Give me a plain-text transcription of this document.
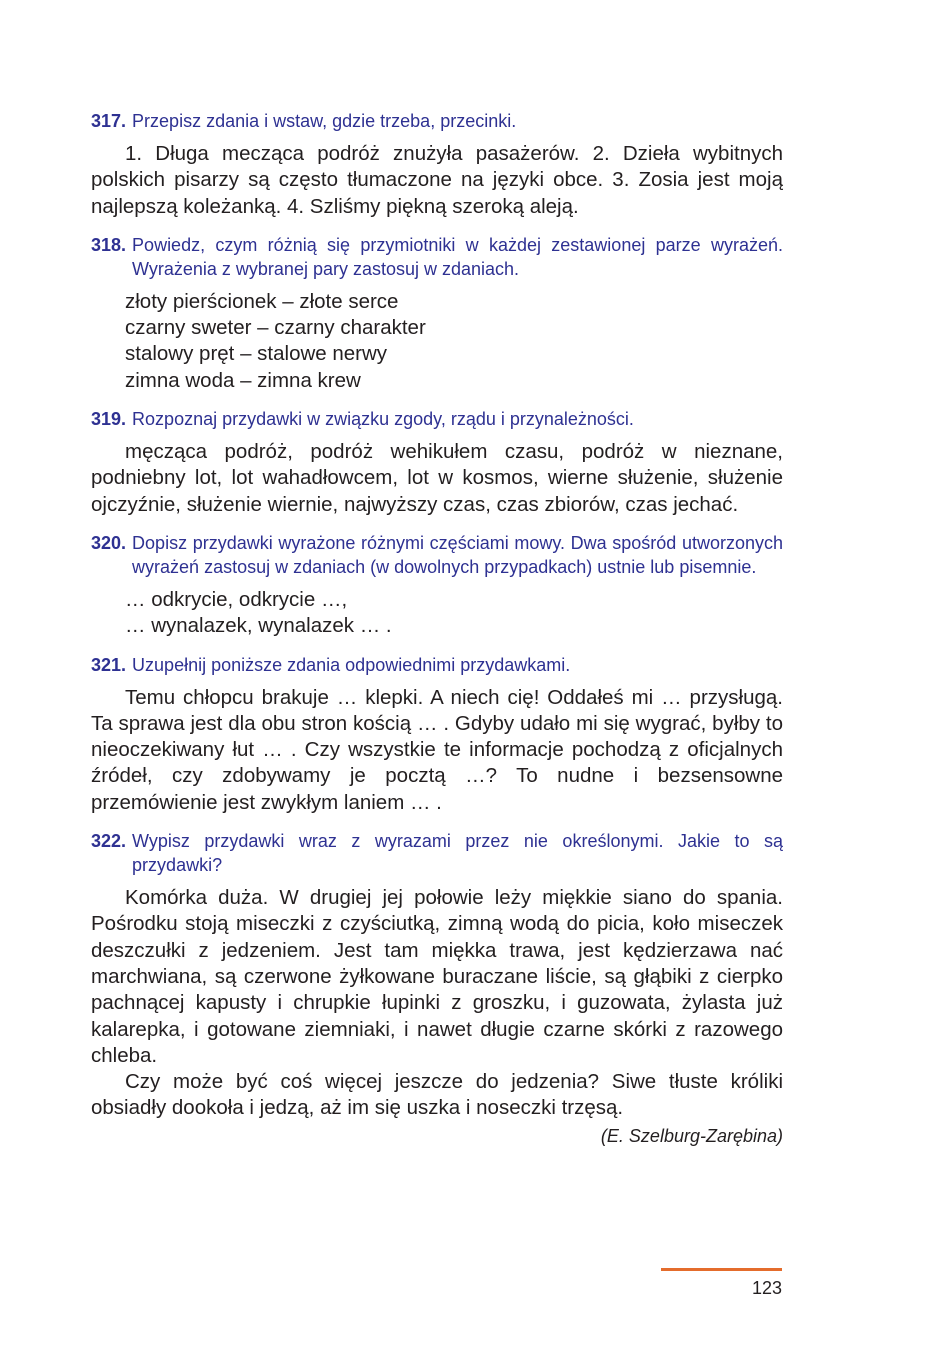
317. Przepisz zdania i wstaw, gdzie trzeba, przecinki.

1. Długa mecząca podróż znużyła pasażerów. 2. Dzieła wybitnych polskich pisarzy są często tłumaczone na języki obce. 3. Zosia jest moją najlepszą koleżanką. 4. Szliśmy piękną szeroką aleją.

318. Powiedz, czym różnią się przymiotniki w każdej zestawionej parze wyrażeń. Wyrażenia z wybranej pary zastosuj w zdaniach.
złoty pierścionek – złote serce
czarny sweter – czarny charakter
stalowy pręt – stalowe nerwy
zimna woda – zimna krew
319. Rozpoznaj przydawki w związku zgody, rządu i przynależności.

męcząca podróż, podróż wehikułem czasu, podróż w nieznane, podniebny lot, lot wahadłowcem, lot w kosmos, wierne służenie, służenie ojczyźnie, służenie wiernie, najwyższy czas, czas zbiorów, czas jechać.

320. Dopisz przydawki wyrażone różnymi częściami mowy. Dwa spośród utworzonych wyrażeń zastosuj w zdaniach (w dowolnych przypadkach) ustnie lub pisemnie.
… odkrycie, odkrycie …,
… wynalazek, wynalazek … .
321. Uzupełnij poniższe zdania odpowiednimi przydawkami.

Temu chłopcu brakuje … klepki. A niech cię! Oddałeś mi … przysługą. Ta sprawa jest dla obu stron kością … . Gdyby udało mi się wygrać, byłby to nieoczekiwany łut … . Czy wszystkie te informacje pochodzą z oficjalnych źródeł, czy zdobywamy je pocztą …? To nudne i bezsensowne przemówienie jest zwykłym laniem … .

322. Wypisz przydawki wraz z wyrazami przez nie określonymi. Jakie to są przydawki?

Komórka duża. W drugiej jej połowie leży miękkie siano do spania. Pośrodku stoją miseczki z czyściutką, zimną wodą do picia, koło miseczek deszczułki z jedzeniem. Jest tam miękka trawa, jest kędzierzawa nać marchwiana, są czerwone żyłkowane buraczane liście, są głąbiki z cierpko pachnącej kapusty i chrupkie łupinki z groszku, i guzowata, żylasta już kalarepka, i gotowane ziemniaki, i nawet długie czarne skórki z razowego chleba.

Czy może być coś więcej jeszcze do jedzenia? Siwe tłuste króliki obsiadły dookoła i jedzą, aż im się uszka i noseczki trzęsą.

(E. Szelburg-Zarębina)
123
